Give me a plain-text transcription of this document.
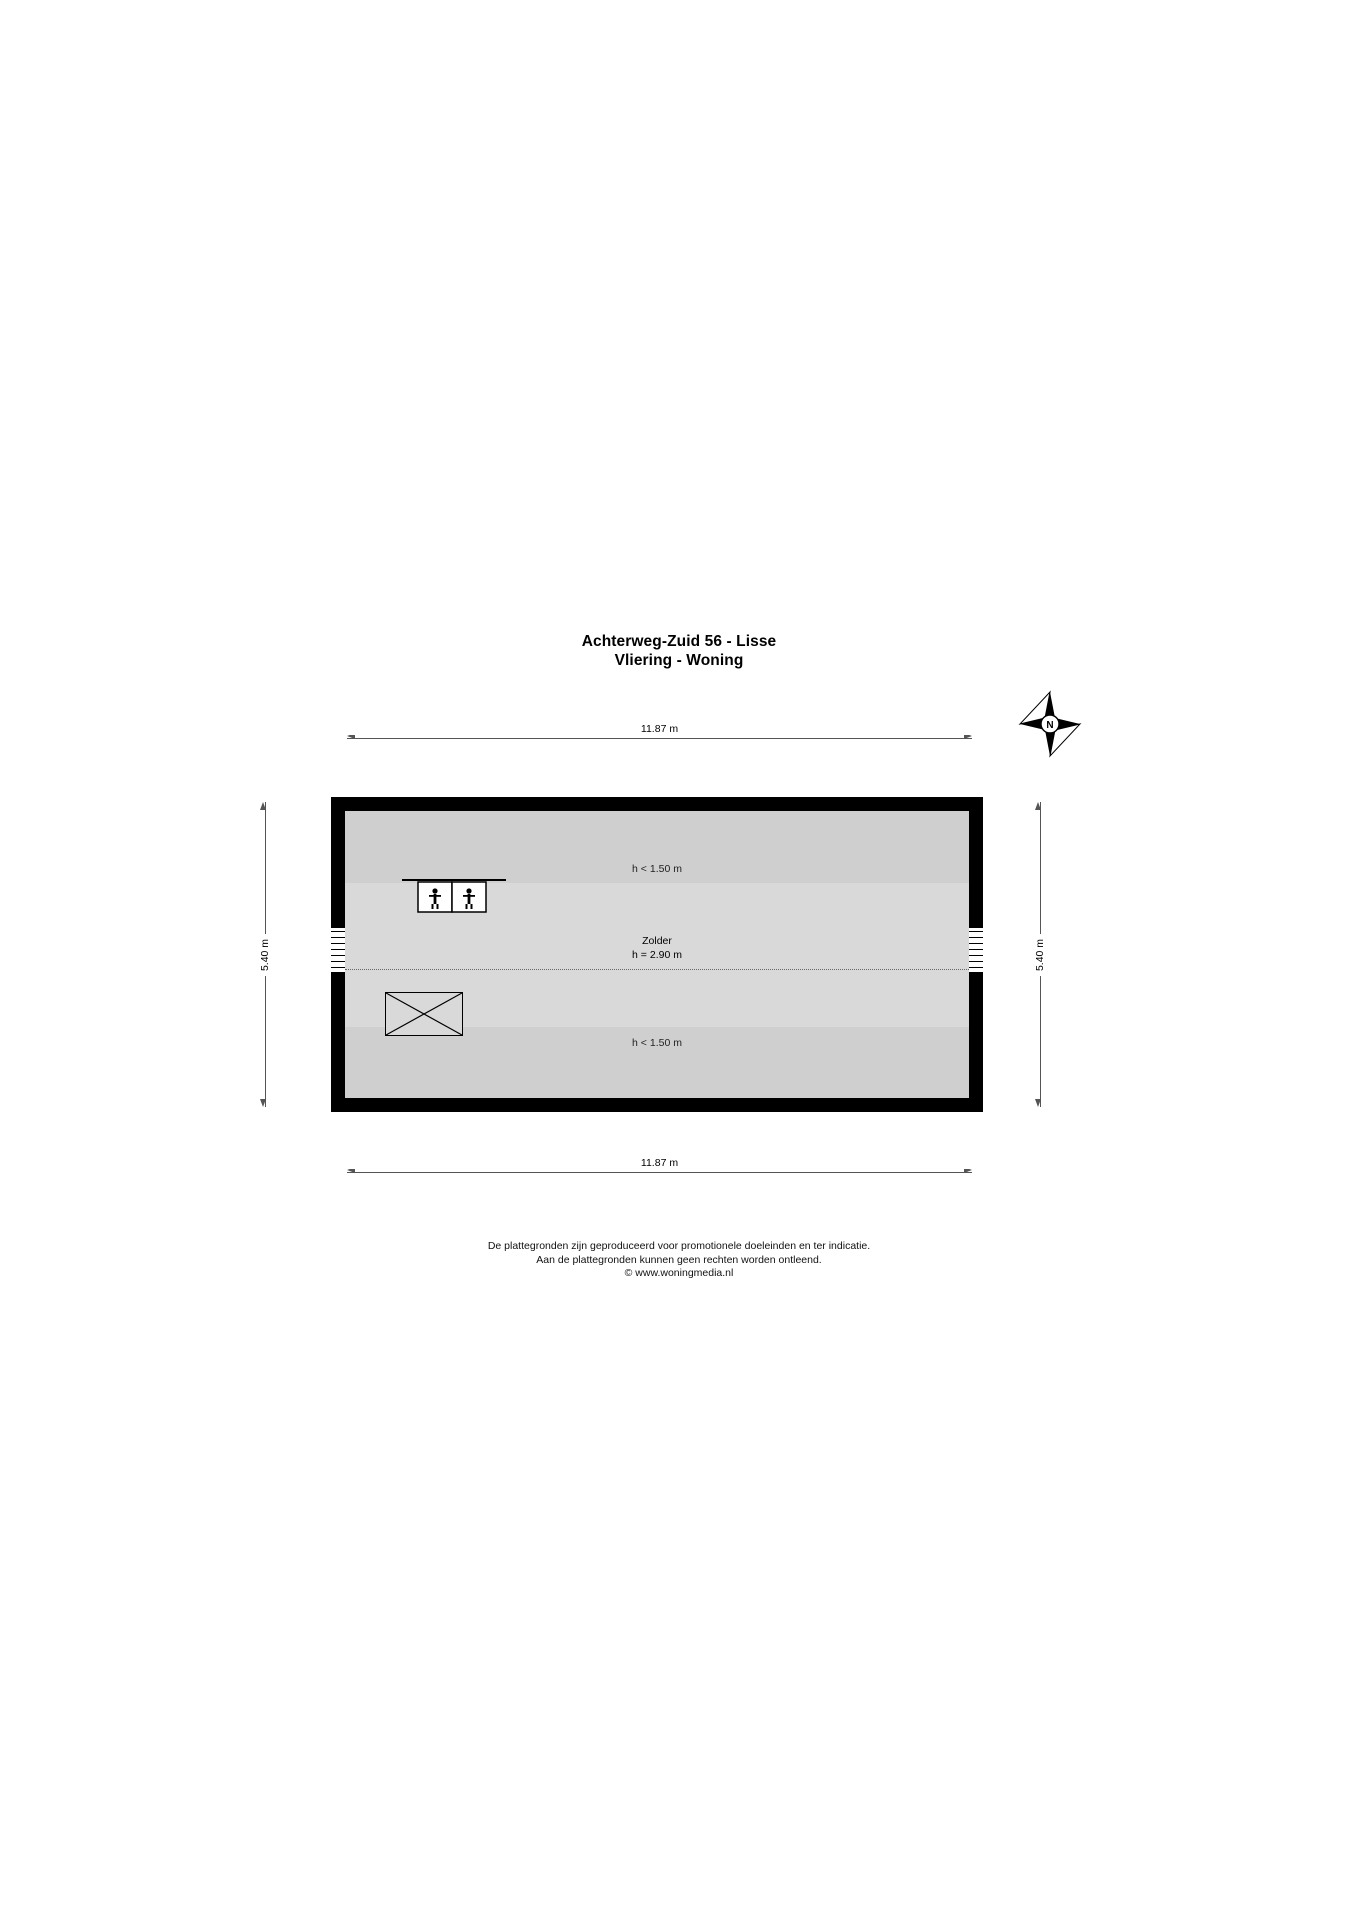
Achterweg-Zuid 56 - Lisse
Vliering - Woning
N
11.87 m
5.40 m	5.40 m
h < 1.50 m
h < 1.50 m
Zolder
h = 2.90 m
11.87 m
De plattegronden zijn geproduceerd voor promotionele doeleinden en ter indicatie.
Aan de plattegronden kunnen geen rechten worden ontleend.
© www.woningmedia.nl
